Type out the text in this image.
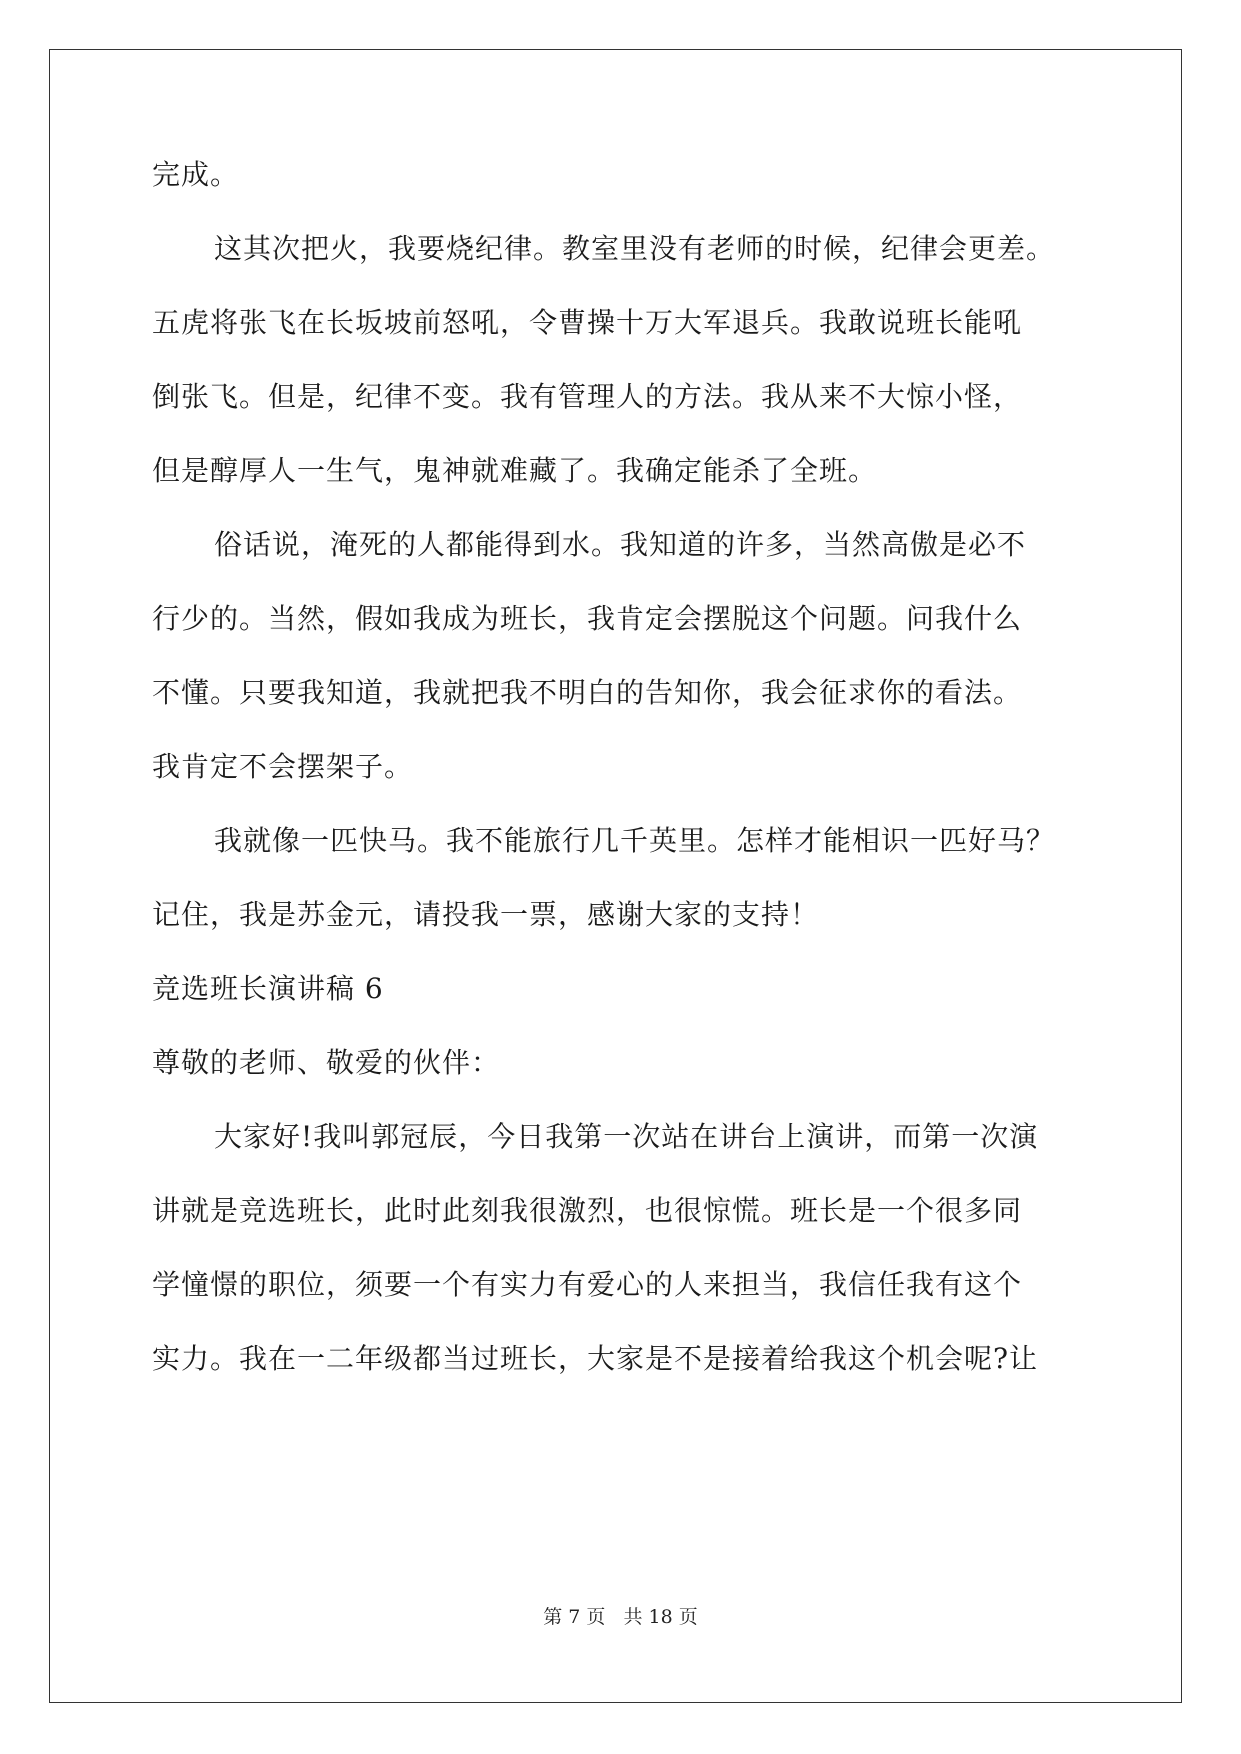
完成。
这其次把火，我要烧纪律。教室里没有老师的时候，纪律会更差。
五虎将张飞在长坂坡前怒吼，令曹操十万大军退兵。我敢说班长能吼
倒张飞。但是，纪律不变。我有管理人的方法。我从来不大惊小怪，
但是醇厚人一生气，鬼神就难藏了。我确定能杀了全班。
俗话说，淹死的人都能得到水。我知道的许多，当然高傲是必不
行少的。当然，假如我成为班长，我肯定会摆脱这个问题。问我什么
不懂。只要我知道，我就把我不明白的告知你，我会征求你的看法。
我肯定不会摆架子。
我就像一匹快马。我不能旅行几千英里。怎样才能相识一匹好马？
记住，我是苏金元，请投我一票，感谢大家的支持！
竞选班长演讲稿 6
尊敬的老师、敬爱的伙伴：
大家好!我叫郭冠辰，今日我第一次站在讲台上演讲，而第一次演
讲就是竞选班长，此时此刻我很激烈，也很惊慌。班长是一个很多同
学憧憬的职位，须要一个有实力有爱心的人来担当，我信任我有这个
实力。我在一二年级都当过班长，大家是不是接着给我这个机会呢?让
第 7 页 共 18 页
